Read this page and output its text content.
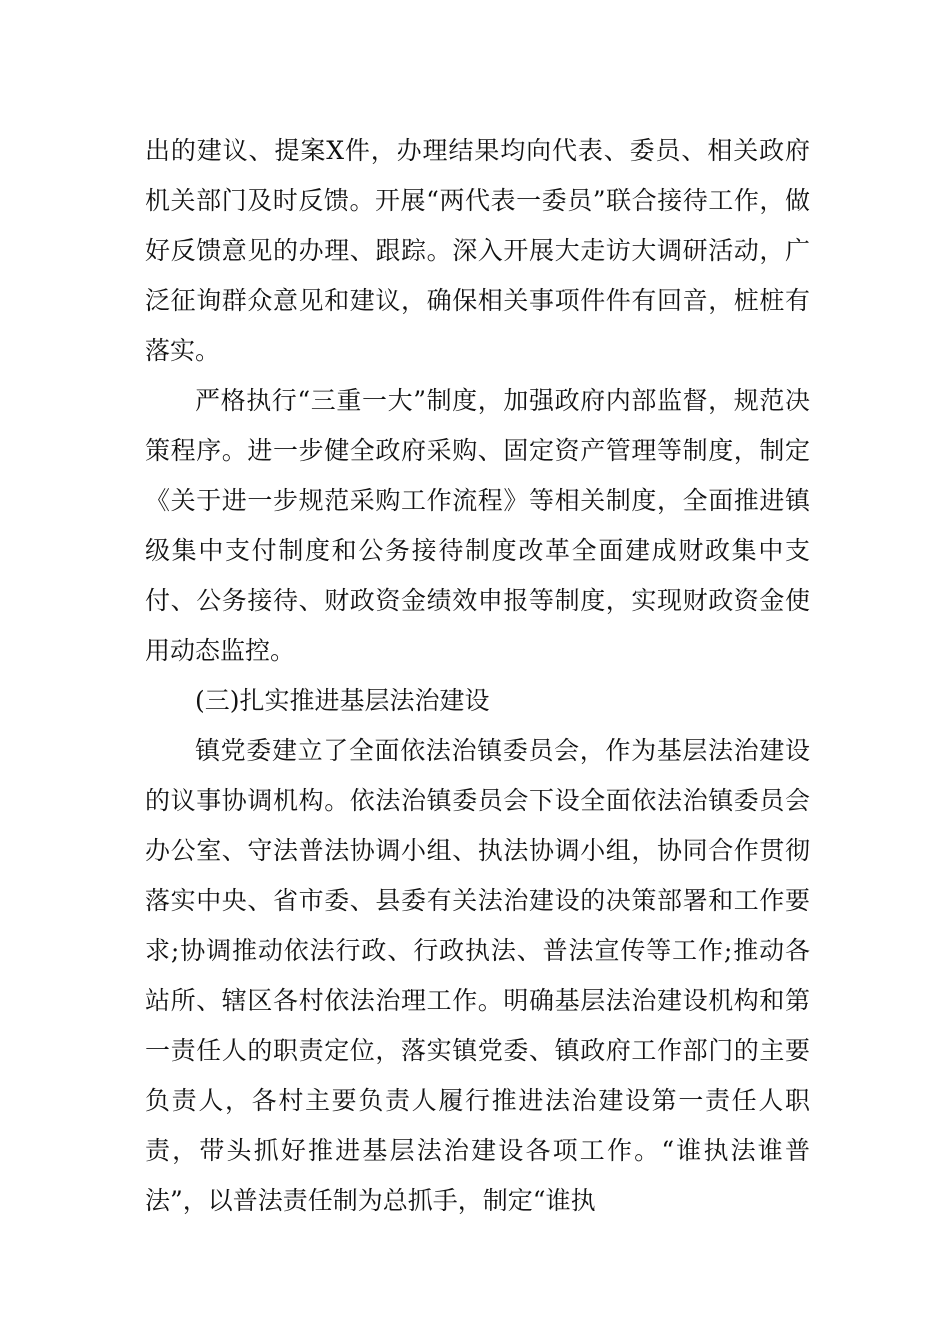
出的建议、提案X件，办理结果均向代表、委员、相关政府机关部门及时反馈。开展“两代表一委员”联合接待工作，做好反馈意见的办理、跟踪。深入开展大走访大调研活动，广泛征询群众意见和建议，确保相关事项件件有回音，桩桩有落实。

严格执行“三重一大”制度，加强政府内部监督，规范决策程序。进一步健全政府采购、固定资产管理等制度，制定《关于进一步规范采购工作流程》等相关制度，全面推进镇级集中支付制度和公务接待制度改革全面建成财政集中支付、公务接待、财政资金绩效申报等制度，实现财政资金使用动态监控。

(三)扎实推进基层法治建设

镇党委建立了全面依法治镇委员会，作为基层法治建设的议事协调机构。依法治镇委员会下设全面依法治镇委员会办公室、守法普法协调小组、执法协调小组，协同合作贯彻落实中央、省市委、县委有关法治建设的决策部署和工作要求;协调推动依法行政、行政执法、普法宣传等工作;推动各站所、辖区各村依法治理工作。明确基层法治建设机构和第一责任人的职责定位，落实镇党委、镇政府工作部门的主要负责人，各村主要负责人履行推进法治建设第一责任人职责，带头抓好推进基层法治建设各项工作。“谁执法谁普法”，以普法责任制为总抓手，制定“谁执
